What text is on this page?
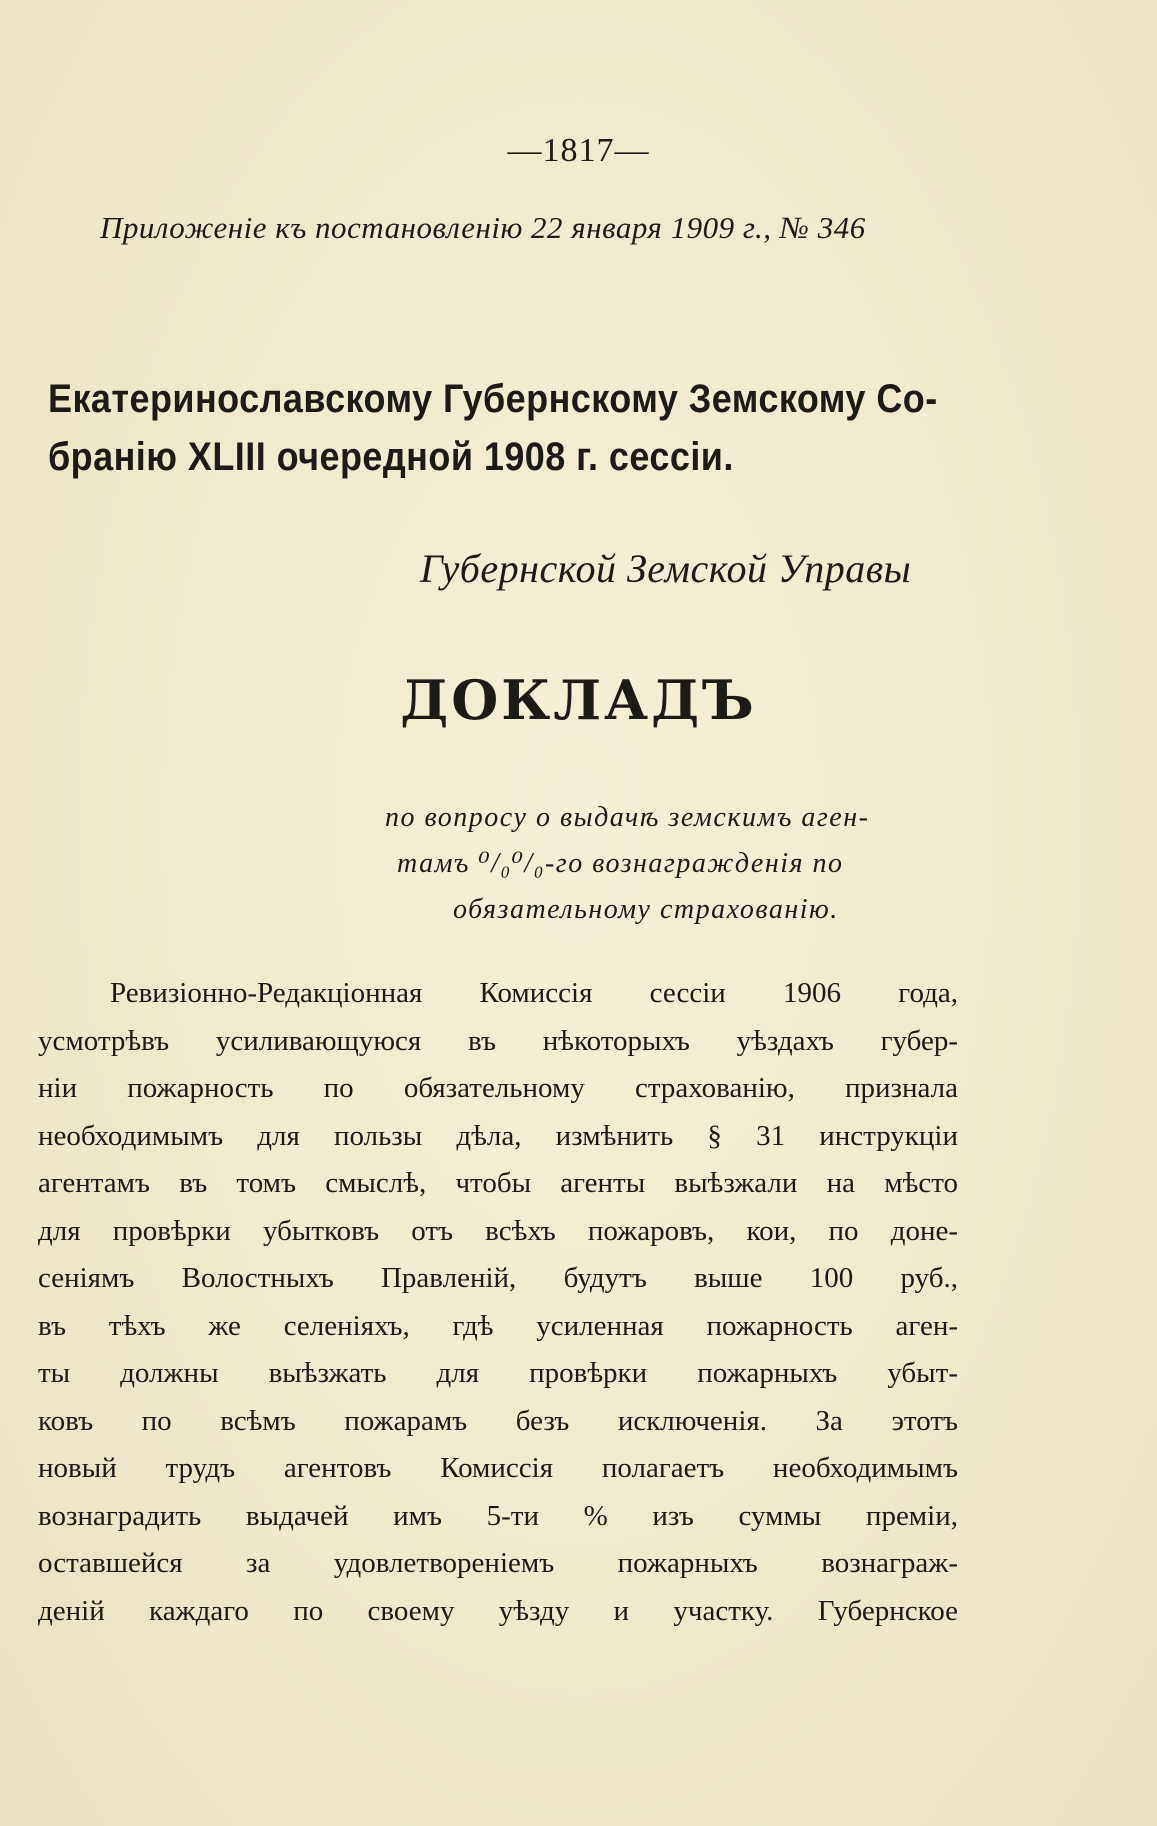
—1817—
Приложеніе къ постановленію 22 января 1909 г., № 346
Екатеринославскому Губернскому Земскому Со-
бранію XLIII очередной 1908 г. сессіи.
Губернской Земской Управы
ДОКЛАДЪ
по вопросу о выдачѣ земскимъ аген-
тамъ ⁰/₀⁰/₀-го вознагражденія по
обязательному страхованію.
Ревизіонно-Редакціонная Комиссія сессіи 1906 года,
усмотрѣвъ усиливающуюся въ нѣкоторыхъ уѣздахъ губер-
ніи пожарность по обязательному страхованію, признала
необходимымъ для пользы дѣла, измѣнить § 31 инструкціи
агентамъ въ томъ смыслѣ, чтобы агенты выѣзжали на мѣсто
для провѣрки убытковъ отъ всѣхъ пожаровъ, кои, по доне-
сеніямъ Волостныхъ Правленій, будутъ выше 100 руб.,
въ тѣхъ же селеніяхъ, гдѣ усиленная пожарность аген-
ты должны выѣзжать для провѣрки пожарныхъ убыт-
ковъ по всѣмъ пожарамъ безъ исключенія. За этотъ
новый трудъ агентовъ Комиссія полагаетъ необходимымъ
вознаградить выдачей имъ 5-ти % изъ суммы преміи,
оставшейся за удовлетвореніемъ пожарныхъ вознаграж-
деній каждаго по своему уѣзду и участку. Губернское
